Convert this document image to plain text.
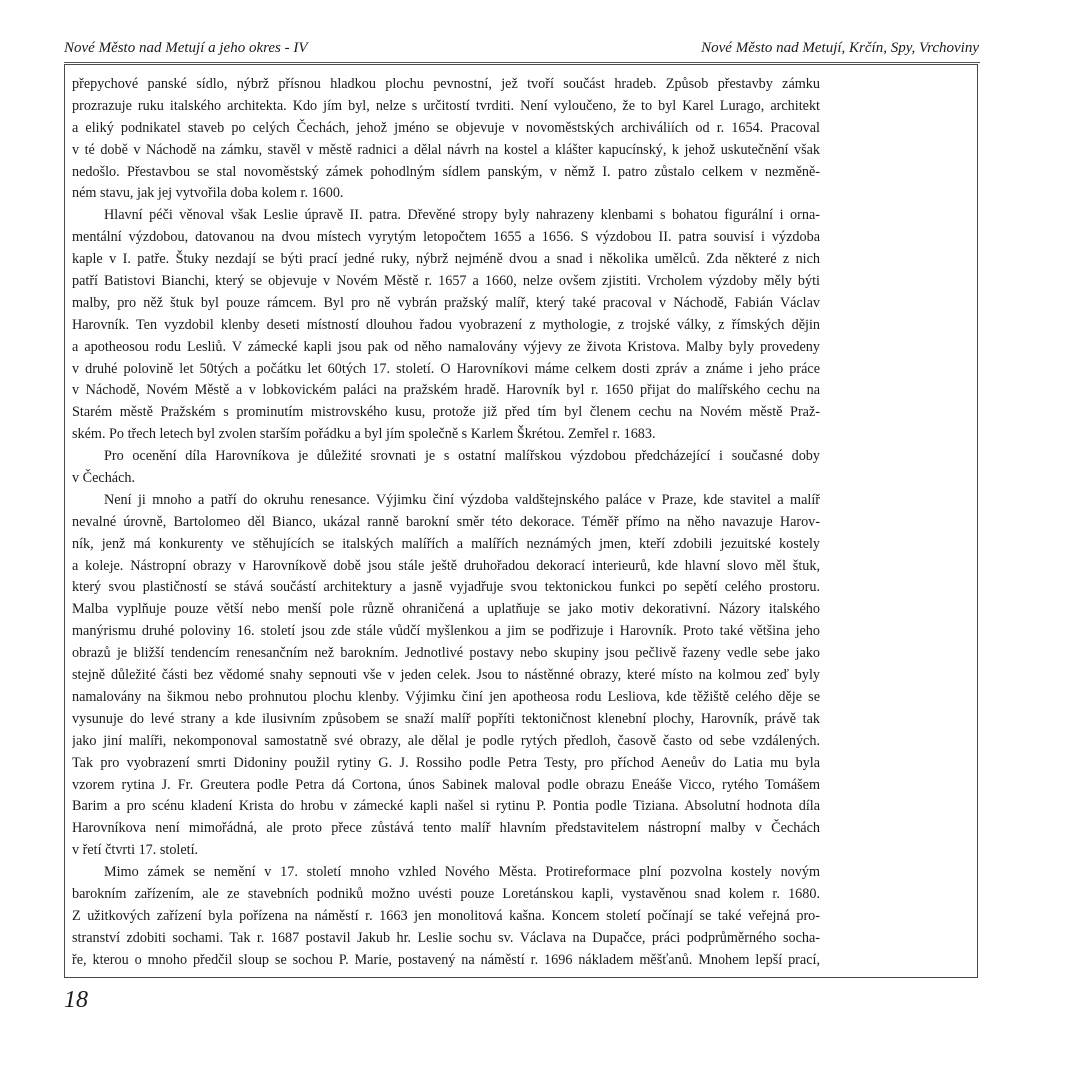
Nové Město nad Metují a jeho okres - IV	Nové Město nad Metují, Krčín, Spy, Vrchoviny
přepychové panské sídlo, nýbrž přísnou hladkou plochu pevnostní, jež tvoří součást hradeb. Způsob přestavby zámku
prozrazuje ruku italského architekta. Kdo jím byl, nelze s určitostí tvrditi. Není vyloučeno, že to byl Karel Lurago, architekt
a eliký podnikatel staveb po celých Čechách, jehož jméno se objevuje v novoměstských archiváliích od r. 1654. Pracoval
v té době v Náchodě na zámku, stavěl v městě radnici a dělal návrh na kostel a klášter kapucínský, k jehož uskutečnění však
nedošlo. Přestavbou se stal novoměstský zámek pohodlným sídlem panským, v němž I. patro zůstalo celkem v nezměně-
ném stavu, jak jej vytvořila doba kolem r. 1600.
Hlavní péči věnoval však Leslie úpravě II. patra. Dřevěné stropy byly nahrazeny klenbami s bohatou figurální i orna-
mentální výzdobou, datovanou na dvou místech vyrytým letopočtem 1655 a 1656. S výzdobou II. patra souvisí i výzdoba
kaple v I. patře. Štuky nezdají se býti prací jedné ruky, nýbrž nejméně dvou a snad i několika umělců. Zda některé z nich
patří Batistovi Bianchi, který se objevuje v Novém Městě r. 1657 a 1660, nelze ovšem zjistiti. Vrcholem výzdoby měly býti
malby, pro něž štuk byl pouze rámcem. Byl pro ně vybrán pražský malíř, který také pracoval v Náchodě, Fabián Václav
Harovník. Ten vyzdobil klenby deseti místností dlouhou řadou vyobrazení z mythologie, z trojské války, z římských dějin
a apotheosou rodu Lesliů. V zámecké kapli jsou pak od něho namalovány výjevy ze života Kristova. Malby byly provedeny
v druhé polovině let 50tých a počátku let 60tých 17. století. O Harovníkovi máme celkem dosti zpráv a známe i jeho práce
v Náchodě, Novém Městě a v lobkovickém paláci na pražském hradě. Harovník byl r. 1650 přijat do malířského cechu na
Starém městě Pražském s prominutím mistrovského kusu, protože již před tím byl členem cechu na Novém městě Praž-
ském. Po třech letech byl zvolen starším pořádku a byl jím společně s Karlem Škrétou. Zemřel r. 1683.
Pro ocenění díla Harovníkova je důležité srovnati je s ostatní malířskou výzdobou předcházející i současné doby
v Čechách.
Není ji mnoho a patří do okruhu renesance. Výjimku činí výzdoba valdštejnského paláce v Praze, kde stavitel a malíř
nevalné úrovně, Bartolomeo děl Bianco, ukázal ranně barokní směr této dekorace. Téměř přímo na něho navazuje Harov-
ník, jenž má konkurenty ve stěhujících se italských malířích a malířích neznámých jmen, kteří zdobili jezuitské kostely
a koleje. Nástropní obrazy v Harovníkově době jsou stále ještě druhořadou dekorací interieurů, kde hlavní slovo měl štuk,
který svou plastičností se stává součástí architektury a jasně vyjadřuje svou tektonickou funkci po sepětí celého prostoru.
Malba vyplňuje pouze větší nebo menší pole různě ohraničená a uplatňuje se jako motiv dekorativní. Názory italského
manýrismu druhé poloviny 16. století jsou zde stále vůdčí myšlenkou a jim se podřizuje i Harovník. Proto také většina jeho
obrazů je bližší tendencím renesančním než barokním. Jednotlivé postavy nebo skupiny jsou pečlivě řazeny vedle sebe jako
stejně důležité části bez vědomé snahy sepnouti vše v jeden celek. Jsou to nástěnné obrazy, které místo na kolmou zeď byly
namalovány na šikmou nebo prohnutou plochu klenby. Výjimku činí jen apotheosa rodu Lesliova, kde těžiště celého děje se
vysunuje do levé strany a kde ilusivním způsobem se snaží malíř popříti tektoničnost klenební plochy, Harovník, právě tak
jako jiní malíři, nekomponoval samostatně své obrazy, ale dělal je podle rytých předloh, časově často od sebe vzdálených.
Tak pro vyobrazení smrti Didoniny použil rytiny G. J. Rossiho podle Petra Testy, pro příchod Aeneův do Latia mu byla
vzorem rytina J. Fr. Greutera podle Petra dá Cortona, únos Sabinek maloval podle obrazu Eneáše Vicco, rytého Tomášem
Barim a pro scénu kladení Krista do hrobu v zámecké kapli našel si rytinu P. Pontia podle Tiziana. Absolutní hodnota díla
Harovníkova není mimořádná, ale proto přece zůstává tento malíř hlavním představitelem nástropní malby v Čechách
v řetí čtvrti 17. století.
Mimo zámek se nemění v 17. století mnoho vzhled Nového Města. Protireformace plní pozvolna kostely novým
barokním zařízením, ale ze stavebních podniků možno uvésti pouze Loretánskou kapli, vystavěnou snad kolem r. 1680.
Z užitkových zařízení byla pořízena na náměstí r. 1663 jen monolitová kašna. Koncem století počínají se také veřejná pro-
stranství zdobiti sochami. Tak r. 1687 postavil Jakub hr. Leslie sochu sv. Václava na Dupačce, práci podprůměrného socha-
ře, kterou o mnoho předčil sloup se sochou P. Marie, postavený na náměstí r. 1696 nákladem měšťanů. Mnohem lepší prací,
18
